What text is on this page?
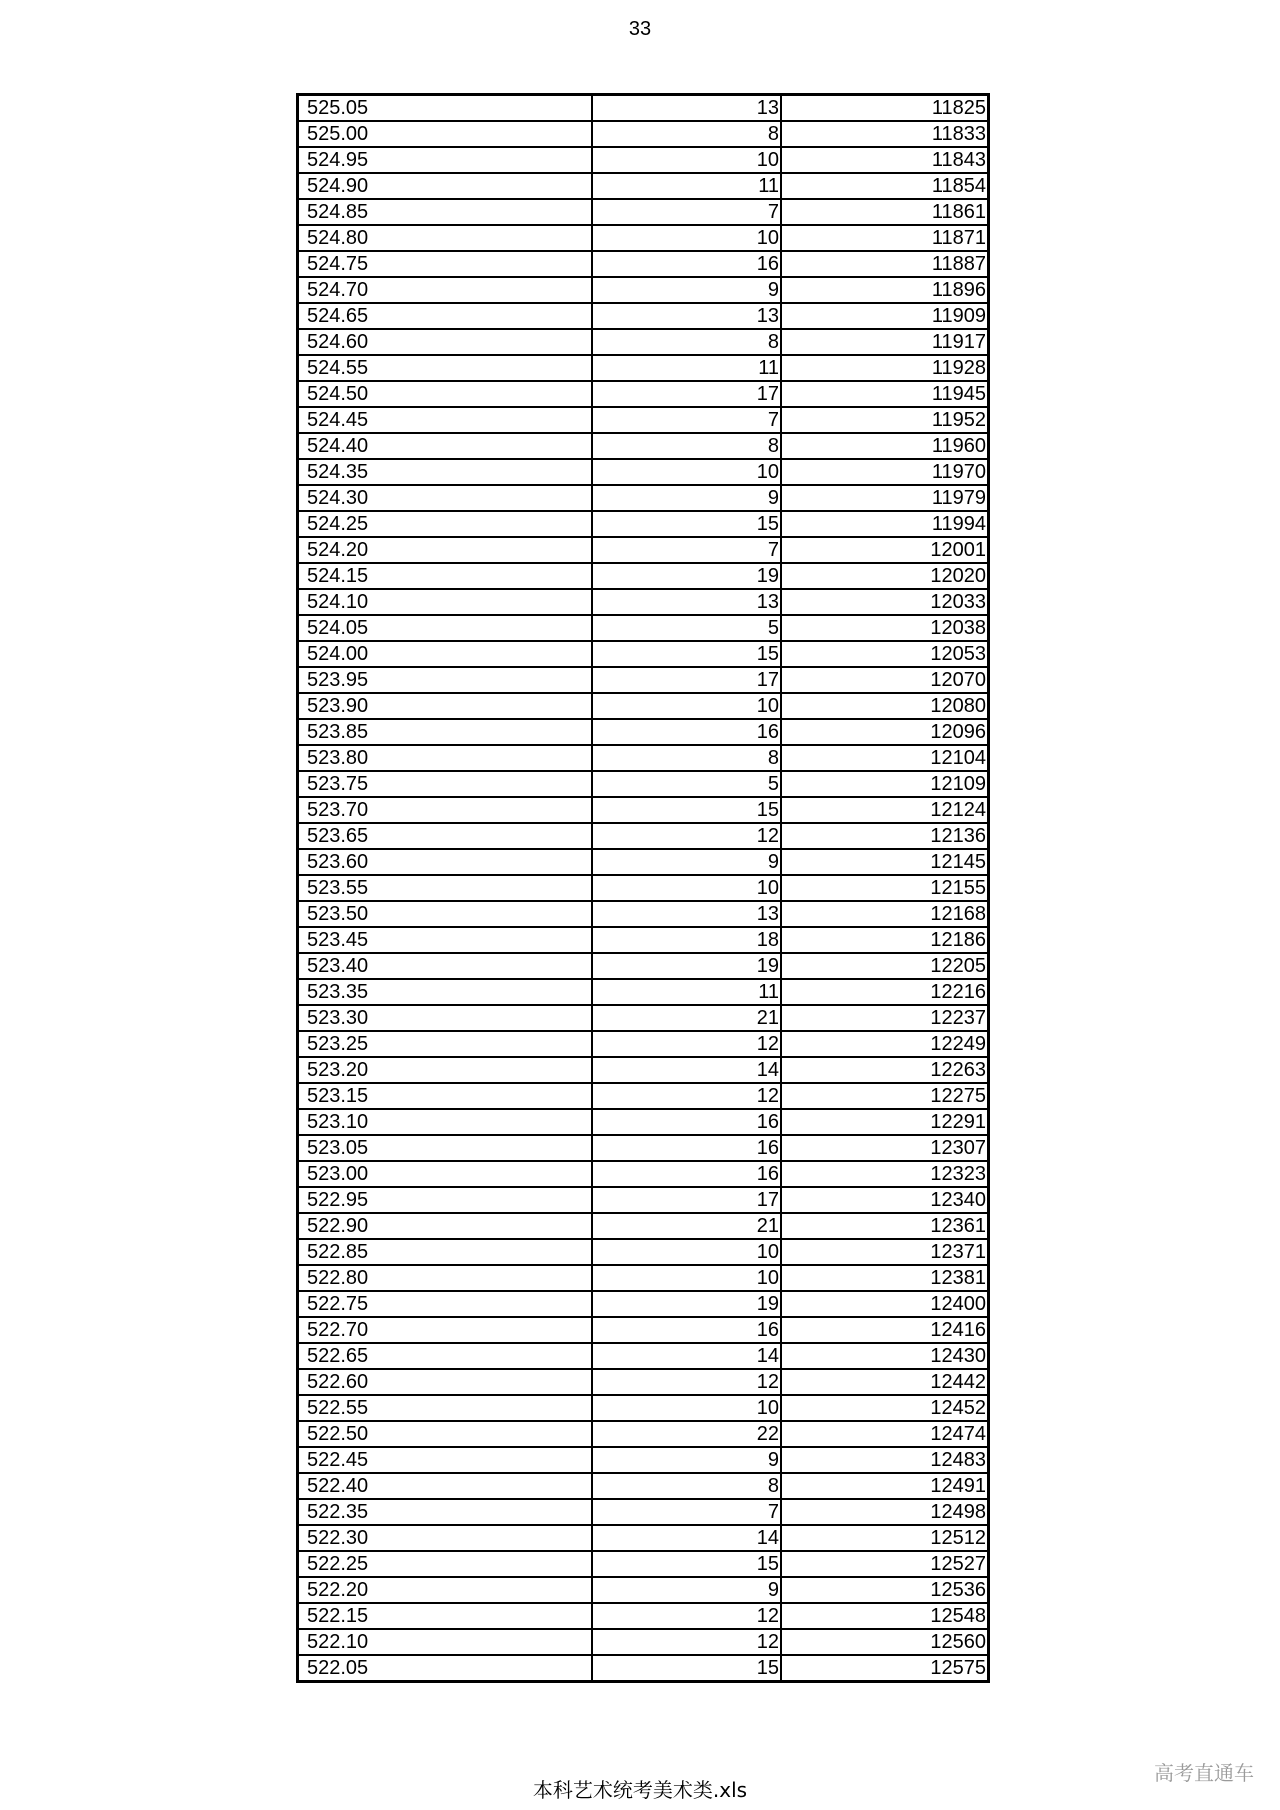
33
525.05	13	11825
525.00	8	11833
524.95	10	11843
524.90	11	11854
524.85	7	11861
524.80	10	11871
524.75	16	11887
524.70	9	11896
524.65	13	11909
524.60	8	11917
524.55	11	11928
524.50	17	11945
524.45	7	11952
524.40	8	11960
524.35	10	11970
524.30	9	11979
524.25	15	11994
524.20	7	12001
524.15	19	12020
524.10	13	12033
524.05	5	12038
524.00	15	12053
523.95	17	12070
523.90	10	12080
523.85	16	12096
523.80	8	12104
523.75	5	12109
523.70	15	12124
523.65	12	12136
523.60	9	12145
523.55	10	12155
523.50	13	12168
523.45	18	12186
523.40	19	12205
523.35	11	12216
523.30	21	12237
523.25	12	12249
523.20	14	12263
523.15	12	12275
523.10	16	12291
523.05	16	12307
523.00	16	12323
522.95	17	12340
522.90	21	12361
522.85	10	12371
522.80	10	12381
522.75	19	12400
522.70	16	12416
522.65	14	12430
522.60	12	12442
522.55	10	12452
522.50	22	12474
522.45	9	12483
522.40	8	12491
522.35	7	12498
522.30	14	12512
522.25	15	12527
522.20	9	12536
522.15	12	12548
522.10	12	12560
522.05	15	12575
本科艺术统考美术类.xls
高考直通车
